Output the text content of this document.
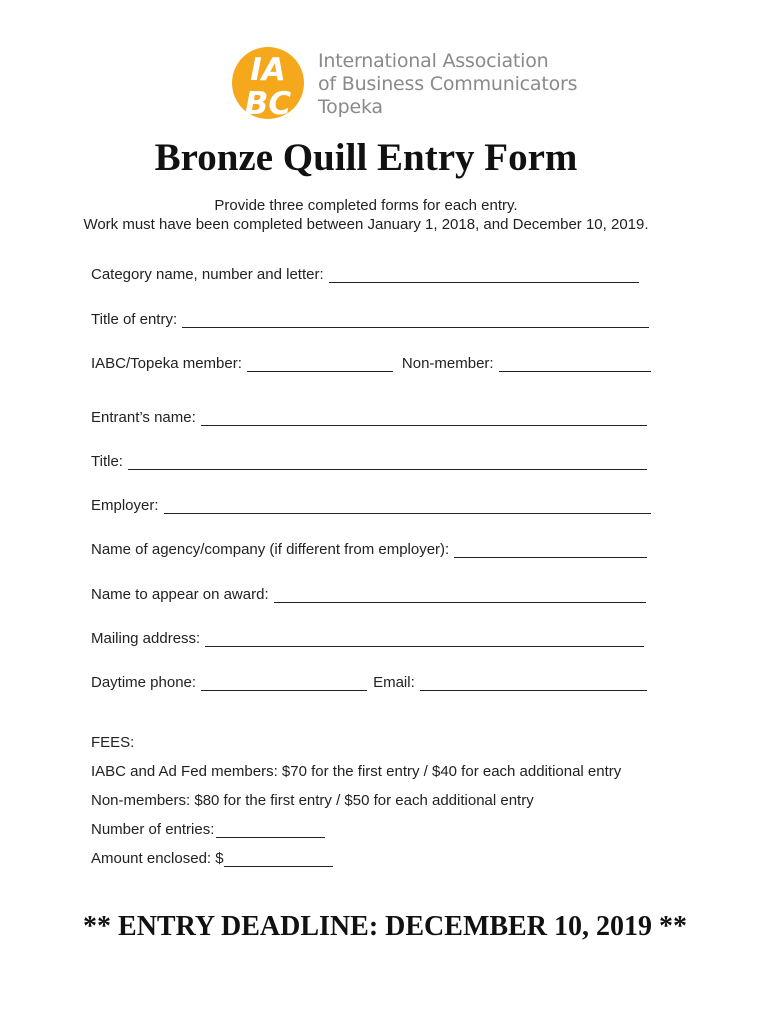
IA
BC
International Association
of Business Communicators
Topeka
Bronze Quill Entry Form
Provide three completed forms for each entry.
Work must have been completed between January 1, 2018, and December 10, 2019.
Category name, number and letter:
Title of entry:
IABC/Topeka member:	Non-member:
Entrant’s name:
Title:
Employer:
Name of agency/company (if different from employer):
Name to appear on award:
Mailing address:
Daytime phone:	Email:
FEES:
IABC and Ad Fed members: $70 for the first entry / $40 for each additional entry
Non-members: $80 for the first entry / $50 for each additional entry
Number of entries:
Amount enclosed: $
** ENTRY DEADLINE: DECEMBER 10, 2019 **
